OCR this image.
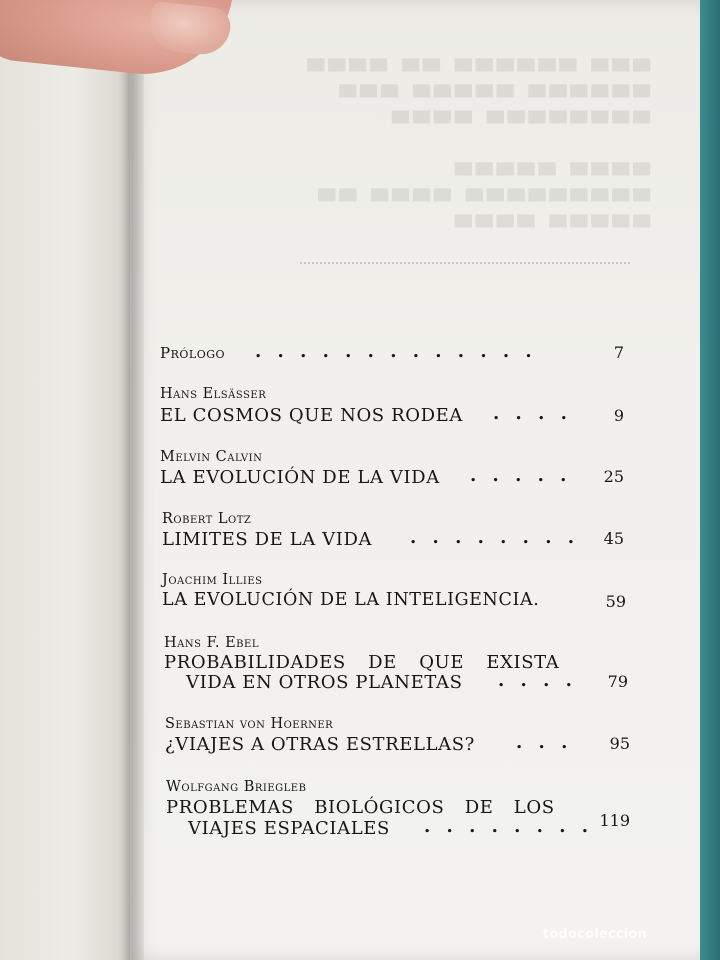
▀▀▀ ▀▀▀▀▀▀ ▀▀ ▀▀▀▀
▀▀▀▀▀▀ ▀▀▀▀▀ ▀▀▀
▀▀▀▀▀▀▀▀ ▀▀▀▀

▀▀▀▀ ▀▀▀▀▀
▀▀▀▀▀▀▀▀▀ ▀▀▀▀ ▀▀
▀▀▀▀▀ ▀▀▀▀
Prólogo . . . . . . . . . . . . .	7
Hans Elsässer
EL COSMOS QUE NOS RODEA . . . .	9
Melvin Calvin
LA EVOLUCIÓN DE LA VIDA . . . . .	25
Robert Lotz
LIMITES DE LA VIDA . . . . . . . .	45
Joachim Illies
LA EVOLUCIÓN DE LA INTELIGENCIA.	59
Hans F. Ebel
PROBABILIDADES DE QUE EXISTA
VIDA EN OTROS PLANETAS . . . .	79
Sebastian von Hoerner
¿VIAJES A OTRAS ESTRELLAS? . . .	95
Wolfgang Briegleb
PROBLEMAS BIOLÓGICOS DE LOS
VIAJES ESPACIALES . . . . . . . . 119
todocoleccion
